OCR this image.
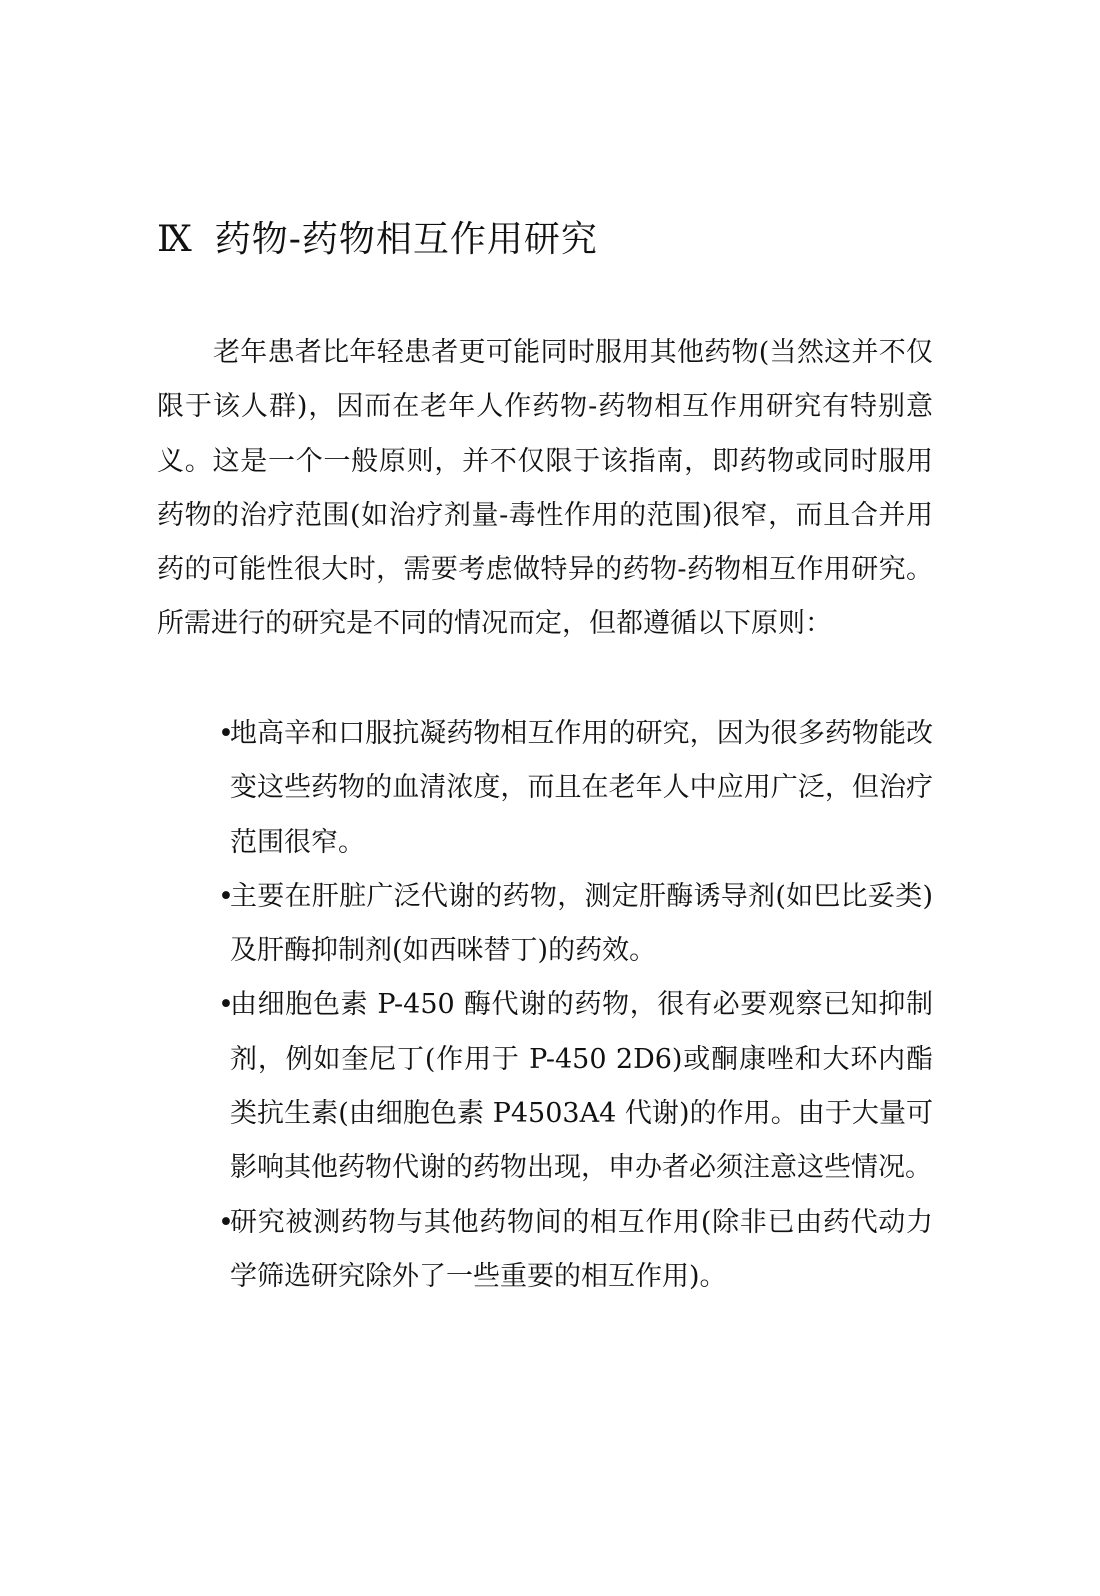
Ⅸ 药物-药物相互作用研究

老年患者比年轻患者更可能同时服用其他药物(当然这并不仅限于该人群)，因而在老年人作药物-药物相互作用研究有特别意义。这是一个一般原则，并不仅限于该指南，即药物或同时服用药物的治疗范围(如治疗剂量-毒性作用的范围)很窄，而且合并用药的可能性很大时，需要考虑做特异的药物-药物相互作用研究。所需进行的研究是不同的情况而定，但都遵循以下原则：

•
地高辛和口服抗凝药物相互作用的研究，因为很多药物能改变这些药物的血清浓度，而且在老年人中应用广泛，但治疗范围很窄。
•
主要在肝脏广泛代谢的药物，测定肝酶诱导剂(如巴比妥类)及肝酶抑制剂(如西咪替丁)的药效。
•
由细胞色素 P-450 酶代谢的药物，很有必要观察已知抑制剂，例如奎尼丁(作用于 P-450 2D6)或酮康唑和大环内酯类抗生素(由细胞色素 P4503A4 代谢)的作用。由于大量可影响其他药物代谢的药物出现，申办者必须注意这些情况。
•
研究被测药物与其他药物间的相互作用(除非已由药代动力学筛选研究除外了一些重要的相互作用)。
